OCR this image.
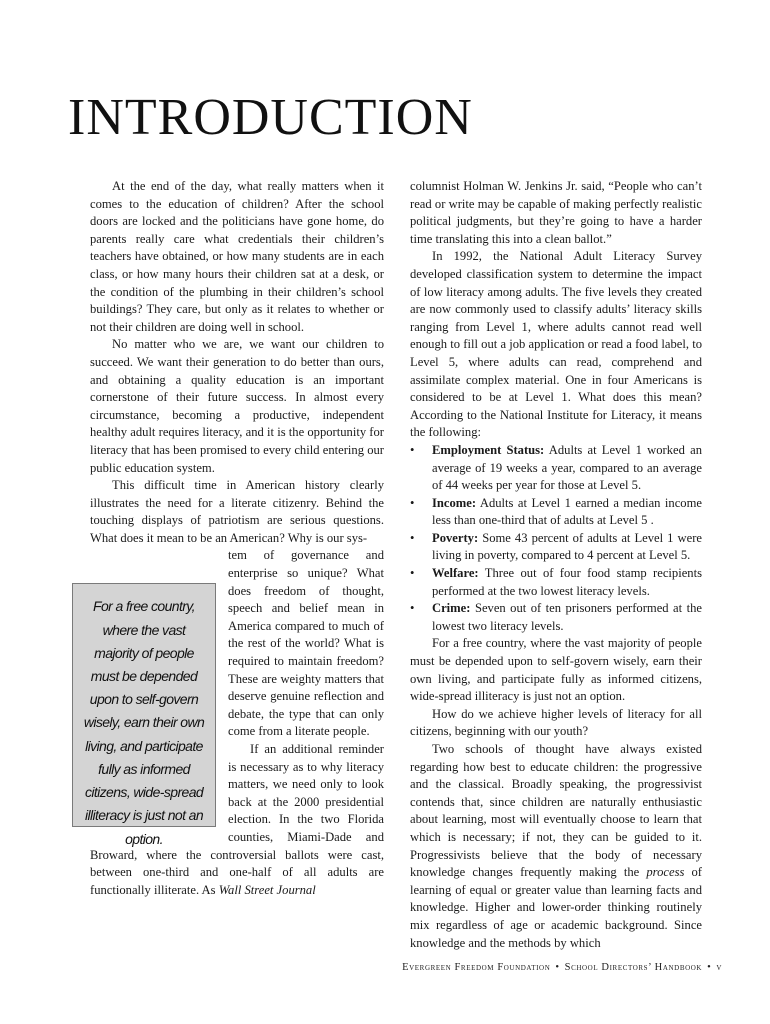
INTRODUCTION

At the end of the day, what really matters when it comes to the education of children? After the school doors are locked and the politicians have gone home, do parents really care what credentials their children’s teachers have obtained, or how many students are in each class, or how many hours their children sat at a desk, or the condition of the plumbing in their children’s school buildings? They care, but only as it relates to whether or not their children are doing well in school.

No matter who we are, we want our children to succeed. We want their generation to do better than ours, and obtaining a quality education is an important cornerstone of their future success. In almost every circumstance, becoming a productive, independent healthy adult requires literacy, and it is the opportunity for literacy that has been promised to every child entering our public education system.

This difficult time in American history clearly illustrates the need for a literate citizenry. Behind the touching displays of patriotism are serious questions. What does it mean to be an American? Why is our sys-

For a free country, where the vast majority of people must be depended upon to self-govern wisely, earn their own living, and participate fully as informed citizens, wide-spread illiteracy is just not an option.

tem of governance and enterprise so unique? What does freedom of thought, speech and belief mean in America compared to much of the rest of the world? What is required to maintain freedom? These are weighty matters that deserve genuine reflection and debate, the type that can only come from a literate people.

If an additional reminder is necessary as to why literacy matters, we need only to look back at the 2000 presidential election. In the two Florida counties, Miami-Dade and Broward, where the controversial ballots were cast, between one-third and one-half of all adults are functionally illiterate. As Wall Street Journal

columnist Holman W. Jenkins Jr. said, “People who can’t read or write may be capable of making perfectly realistic political judgments, but they’re going to have a harder time translating this into a clean ballot.”

In 1992, the National Adult Literacy Survey developed classification system to determine the impact of low literacy among adults. The five levels they created are now commonly used to classify adults’ literacy skills ranging from Level 1, where adults cannot read well enough to fill out a job application or read a food label, to Level 5, where adults can read, comprehend and assimilate complex material. One in four Americans is considered to be at Level 1. What does this mean? According to the National Institute for Literacy, it means the following:

• Employment Status: Adults at Level 1 worked an average of 19 weeks a year, compared to an average of 44 weeks per year for those at Level 5.
• Income: Adults at Level 1 earned a median income less than one-third that of adults at Level 5 .
• Poverty: Some 43 percent of adults at Level 1 were living in poverty, compared to 4 percent at Level 5.
• Welfare: Three out of four food stamp recipients performed at the two lowest literacy levels.
• Crime: Seven out of ten prisoners performed at the lowest two literacy levels.

For a free country, where the vast majority of people must be depended upon to self-govern wisely, earn their own living, and participate fully as informed citizens, wide-spread illiteracy is just not an option.

How do we achieve higher levels of literacy for all citizens, beginning with our youth?

Two schools of thought have always existed regarding how best to educate children: the progressive and the classical. Broadly speaking, the progressivist contends that, since children are naturally enthusiastic about learning, most will eventually choose to learn that which is necessary; if not, they can be guided to it. Progressivists believe that the body of necessary knowledge changes frequently making the process of learning of equal or greater value than learning facts and knowledge. Higher and lower-order thinking routinely mix regardless of age or academic background. Since knowledge and the methods by which

Evergreen Freedom Foundation • School Directors’ Handbook • v
